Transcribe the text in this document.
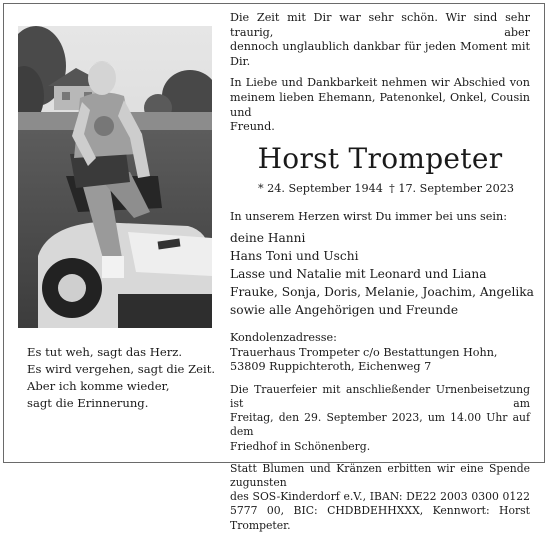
Es tut weh, sagt das Herz.
Es wird vergehen, sagt die Zeit.
Aber ich komme wieder,
sagt die Erinnerung.
Die Zeit mit Dir war sehr schön. Wir sind sehr traurig, aber
dennoch unglaublich dankbar für jeden Moment mit Dir.
In Liebe und Dankbarkeit nehmen wir Abschied von
meinem lieben Ehemann, Patenonkel, Onkel, Cousin und
Freund.
Horst Trompeter
* 24. September 1944 † 17. September 2023
In unserem Herzen wirst Du immer bei uns sein:
deine Hanni
Hans Toni und Uschi
Lasse und Natalie mit Leonard und Liana
Frauke, Sonja, Doris, Melanie, Joachim, Angelika
sowie alle Angehörigen und Freunde
Kondolenzadresse:
Trauerhaus Trompeter c/o Bestattungen Hohn,
53809 Ruppichteroth, Eichenweg 7
Die Trauerfeier mit anschließender Urnenbeisetzung ist am
Freitag, den 29. September 2023, um 14.00 Uhr auf dem
Friedhof in Schönenberg.
Statt Blumen und Kränzen erbitten wir eine Spende zugunsten
des SOS-Kinderdorf e.V., IBAN: DE22 2003 0300 0122
5777 00, BIC: CHDBDEHHXXX, Kennwort: Horst Trompeter.
